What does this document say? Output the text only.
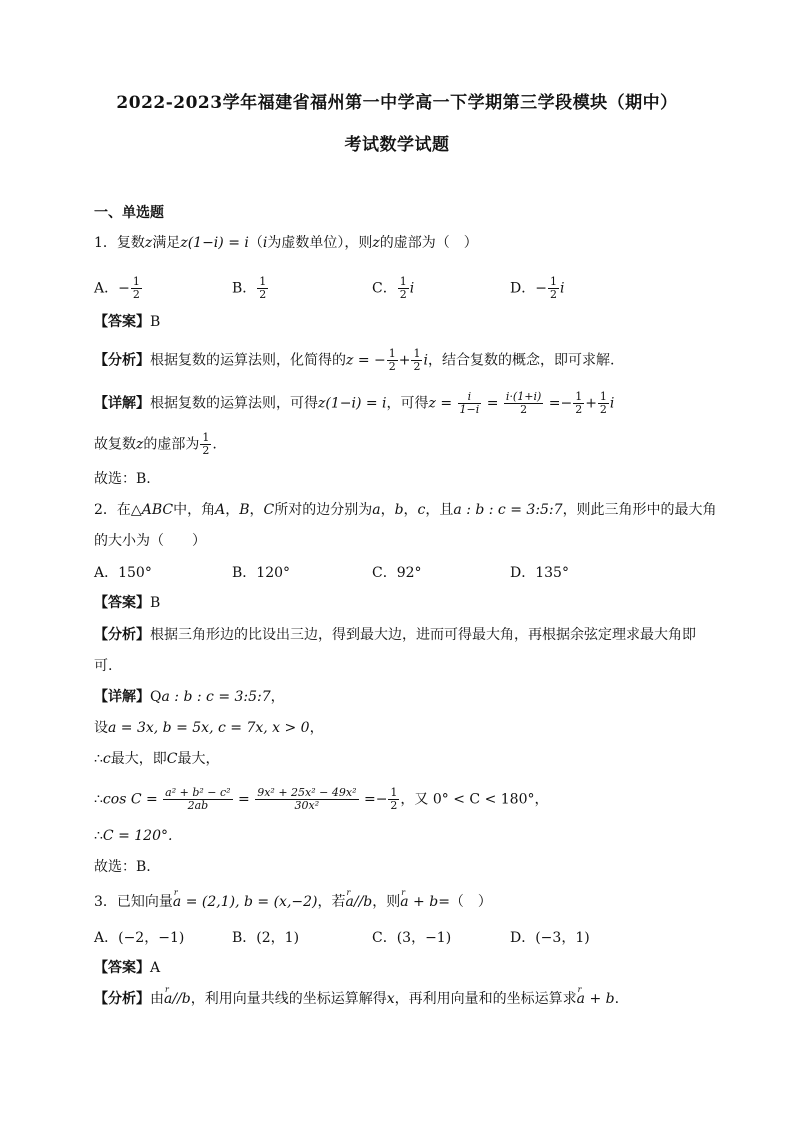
2022-2023学年福建省福州第一中学高一下学期第三学段模块（期中）
考试数学试题
一、单选题
1．复数z满足z(1−i) = i（i为虚数单位），则z的虚部为（　）
A．− $\frac{1}{2}$	B． $\frac{1}{2}$	C． $\frac{1}{2}$ i	D．− $\frac{1}{2}$ i
【答案】B
【分析】根据复数的运算法则，化简得的z = − $\frac{1}{2} + \frac{1}{2}$ i，结合复数的概念，即可求解.
【详解】根据复数的运算法则，可得z(1−i) = i，可得$z = \frac{i}{1-i} = \frac{i\cdot(1+i)}{2} =- \frac{1}{2} + \frac{1}{2}$ i
故复数z的虚部为 $\frac{1}{2}$ .
故选：B.
2．在△ABC中，角A，B，C所对的边分别为a，b，c，且a : b : c = 3:5:7，则此三角形中的最大角
的大小为（　　）
A．150°	B．120°	C．92°	D．135°
【答案】B
【分析】根据三角形边的比设出三边，得到最大边，进而可得最大角，再根据余弦定理求最大角即
可.
【详解】Qa : b : c = 3:5:7，
设a = 3x, b = 5x, c = 7x, x > 0，
∴c最大，即C最大，
∴cos $C = \frac{\text{a² + b² − c²}}{2ab} = \frac{\text{9x² + 25x² − 49x²}}{\text{30x²}} =- \frac{1}{2}$ ，又 0° < C < 180°，
∴C = 120°.
故选：B.
3．已知向量r a = (2,1), b = (x,−2)，若r a//b，则r a + b=（　）
A．(−2，−1)	B．(2，1)	C．(3，−1)	D．(−3，1)
【答案】A
【分析】由r a//b，利用向量共线的坐标运算解得x，再利用向量和的坐标运算求r a + b.
